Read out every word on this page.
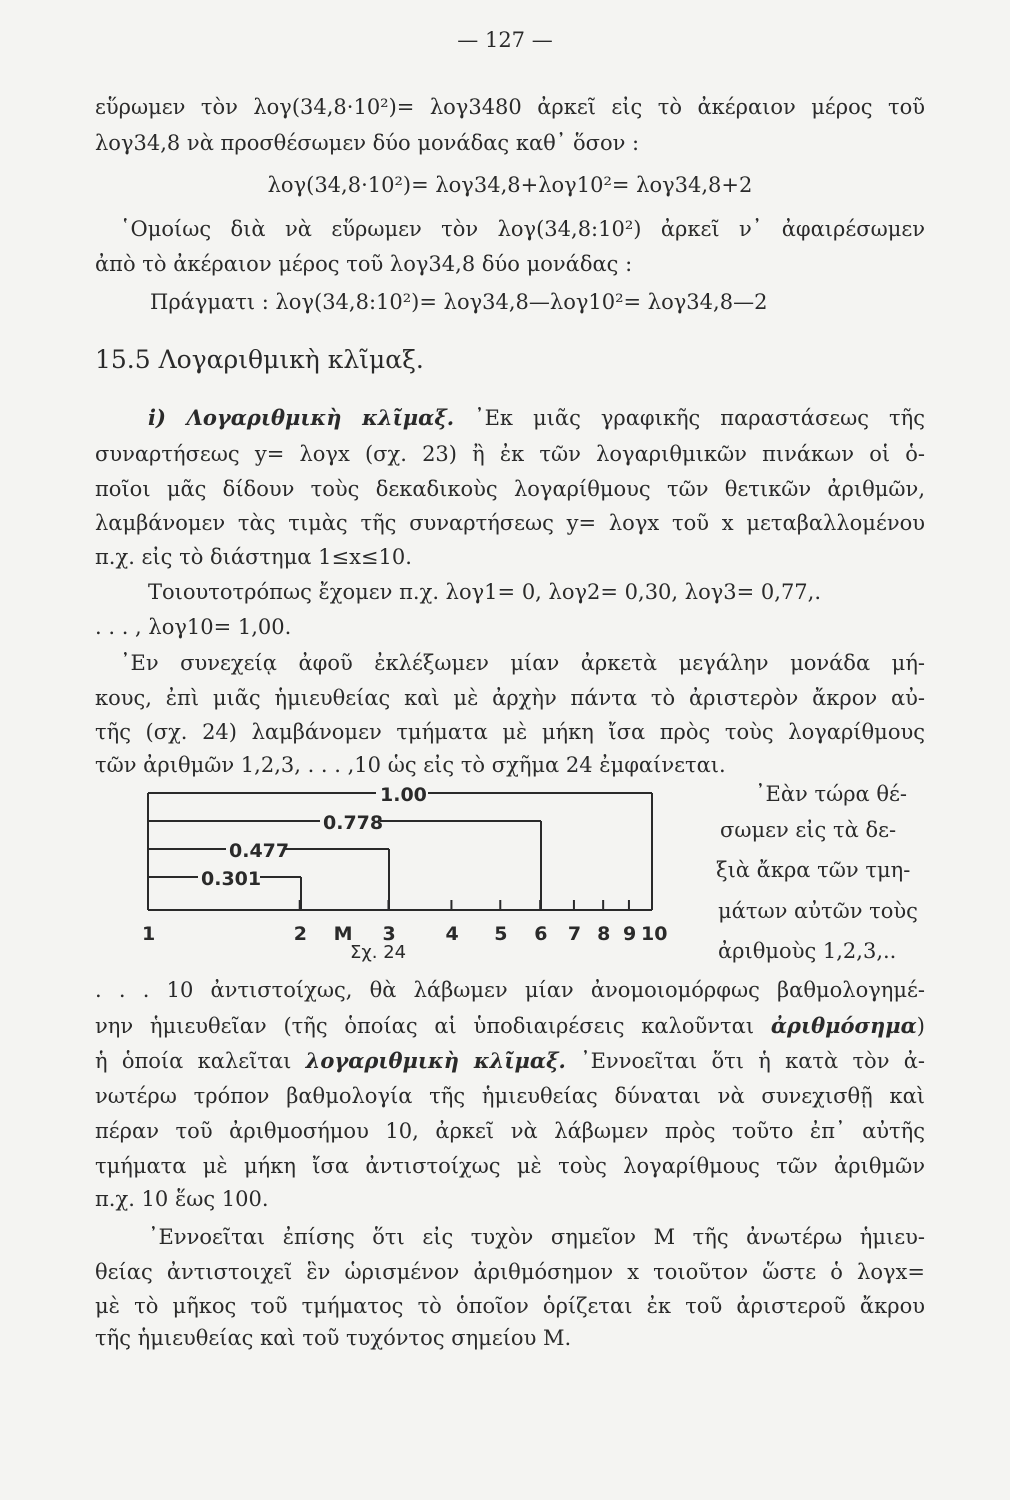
— 127 —
εὕρωμεν τὸν λογ(34,8·10²)= λογ3480 ἀρκεῖ εἰς τὸ ἀκέραιον μέρος τοῦ
λογ34,8 νὰ προσθέσωμεν δύο μονάδας καθ᾽ ὅσον :
λογ(34,8·10²)= λογ34,8+λογ10²= λογ34,8+2
῾Ομοίως διὰ νὰ εὕρωμεν τὸν λογ(34,8:10²) ἀρκεῖ ν᾽ ἀφαιρέσωμεν
ἀπὸ τὸ ἀκέραιον μέρος τοῦ λογ34,8 δύο μονάδας :
Πράγματι : λογ(34,8:10²)= λογ34,8—λογ10²= λογ34,8—2
15.5 Λογαριθμικὴ κλῖμαξ.
i) Λογαριθμικὴ κλῖμαξ. ᾽Εκ μιᾶς γραφικῆς παραστάσεως τῆς
συναρτήσεως y= λογx (σχ. 23) ἢ ἐκ τῶν λογαριθμικῶν πινάκων οἱ ὁ-
ποῖοι μᾶς δίδουν τοὺς δεκαδικοὺς λογαρίθμους τῶν θετικῶν ἀριθμῶν,
λαμβάνομεν τὰς τιμὰς τῆς συναρτήσεως y= λογx τοῦ x μεταβαλλομένου
π.χ. εἰς τὸ διάστημα 1≤x≤10.
Τοιουτοτρόπως ἔχομεν π.χ. λογ1= 0, λογ2= 0,30, λογ3= 0,77,.
. . . , λογ10= 1,00.
᾽Εν συνεχείᾳ ἀφοῦ ἐκλέξωμεν μίαν ἀρκετὰ μεγάλην μονάδα μή-
κους, ἐπὶ μιᾶς ἡμιευθείας καὶ μὲ ἀρχὴν πάντα τὸ ἀριστερὸν ἄκρον αὐ-
τῆς (σχ. 24) λαμβάνομεν τμήματα μὲ μήκη ἴσα πρὸς τοὺς λογαρίθμους
τῶν ἀριθμῶν 1,2,3, . . . ,10 ὡς εἰς τὸ σχῆμα 24 ἐμφαίνεται.
1.00
0.778
0.477
0.301
1	2 M 3	4 5 6 7 8 9 10
Σχ. 24
᾽Εὰν τώρα θέ-
σωμεν εἰς τὰ δε-
ξιὰ ἄκρα τῶν τμη-
μάτων αὐτῶν τοὺς
ἀριθμοὺς 1,2,3,..
. . . 10 ἀντιστοίχως, θὰ λάβωμεν μίαν ἀνομοιομόρφως βαθμολογημέ-
νην ἡμιευθεῖαν (τῆς ὁποίας αἱ ὑποδιαιρέσεις καλοῦνται ἀριθμόσημα)
ἡ ὁποία καλεῖται λογαριθμικὴ κλῖμαξ. ᾽Εννοεῖται ὅτι ἡ κατὰ τὸν ἀ-
νωτέρω τρόπον βαθμολογία τῆς ἡμιευθείας δύναται νὰ συνεχισθῇ καὶ
πέραν τοῦ ἀριθμοσήμου 10, ἀρκεῖ νὰ λάβωμεν πρὸς τοῦτο ἐπ᾽ αὐτῆς
τμήματα μὲ μήκη ἴσα ἀντιστοίχως μὲ τοὺς λογαρίθμους τῶν ἀριθμῶν
π.χ. 10 ἕως 100.
᾽Εννοεῖται ἐπίσης ὅτι εἰς τυχὸν σημεῖον Μ τῆς ἀνωτέρω ἡμιευ-
θείας ἀντιστοιχεῖ ἓν ὡρισμένον ἀριθμόσημον x τοιοῦτον ὥστε ὁ λογx=
μὲ τὸ μῆκος τοῦ τμήματος τὸ ὁποῖον ὁρίζεται ἐκ τοῦ ἀριστεροῦ ἄκρου
τῆς ἡμιευθείας καὶ τοῦ τυχόντος σημείου Μ.
